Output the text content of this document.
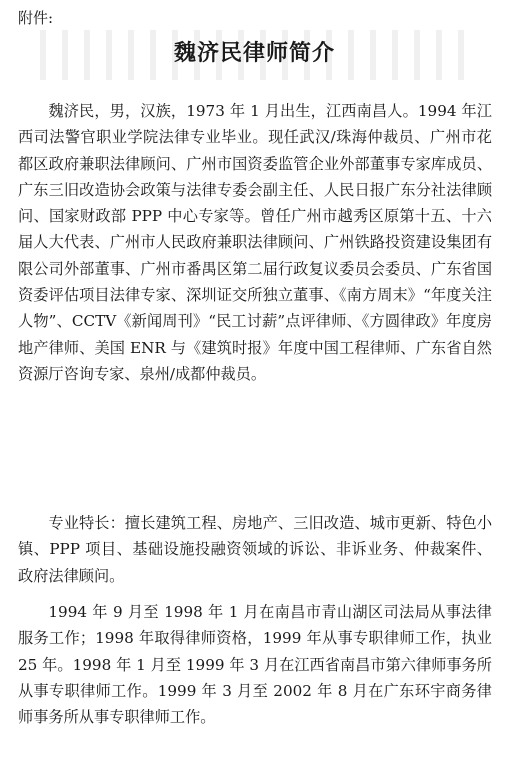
附件:
魏济民律师简介

魏济民，男，汉族，1973 年 1 月出生，江西南昌人。1994 年江西司法警官职业学院法律专业毕业。现任武汉/珠海仲裁员、广州市花都区政府兼职法律顾问、广州市国资委监管企业外部董事专家库成员、广东三旧改造协会政策与法律专委会副主任、人民日报广东分社法律顾问、国家财政部 PPP 中心专家等。曾任广州市越秀区原第十五、十六届人大代表、广州市人民政府兼职法律顾问、广州铁路投资建设集团有限公司外部董事、广州市番禺区第二届行政复议委员会委员、广东省国资委评估项目法律专家、深圳证交所独立董事、《南方周末》“年度关注人物”、CCTV《新闻周刊》“民工讨薪”点评律师、《方圆律政》年度房地产律师、美国 ENR 与《建筑时报》年度中国工程律师、广东省自然资源厅咨询专家、泉州/成都仲裁员。

专业特长：擅长建筑工程、房地产、三旧改造、城市更新、特色小镇、PPP 项目、基础设施投融资领域的诉讼、非诉业务、仲裁案件、政府法律顾问。

1994 年 9 月至 1998 年 1 月在南昌市青山湖区司法局从事法律服务工作；1998 年取得律师资格，1999 年从事专职律师工作，执业 25 年。1998 年 1 月至 1999 年 3 月在江西省南昌市第六律师事务所从事专职律师工作。1999 年 3 月至 2002 年 8 月在广东环宇商务律师事务所从事专职律师工作。
